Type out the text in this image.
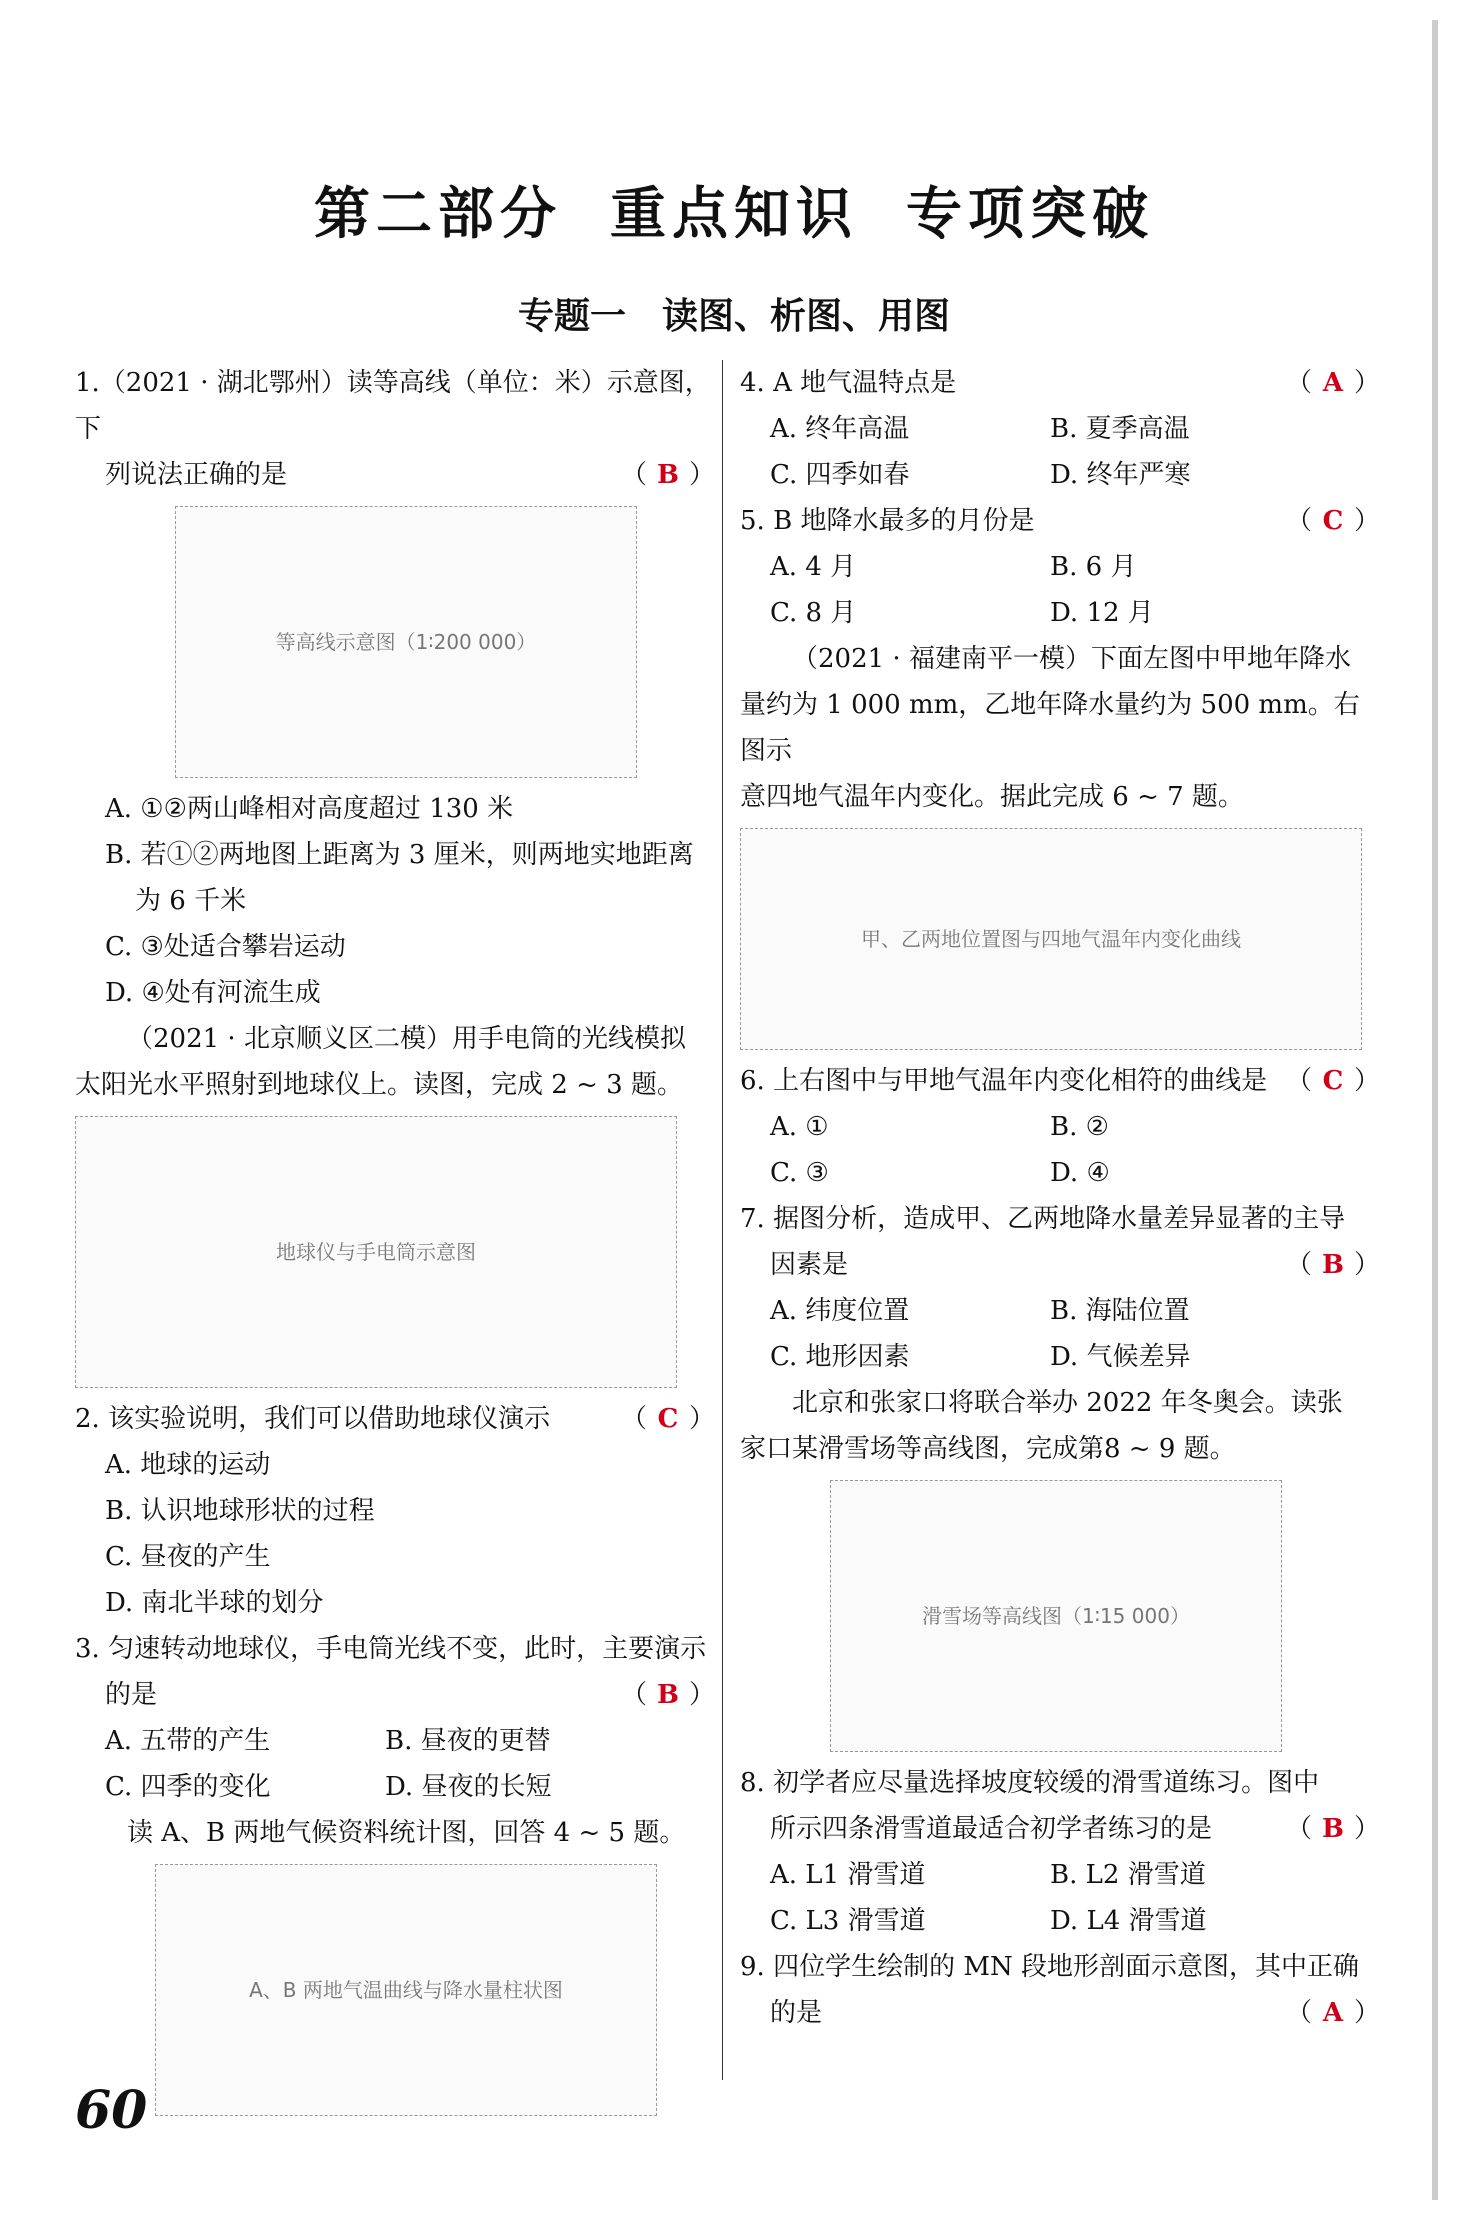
第二部分 重点知识 专项突破
专题一　读图、析图、用图

1.（2021 · 湖北鄂州）读等高线（单位：米）示意图，下

列说法正确的是	（ B ）

等高线示意图（1∶200 000）

A. ①②两山峰相对高度超过 130 米

B. 若①②两地图上距离为 3 厘米，则两地实地距离

为 6 千米

C. ③处适合攀岩运动

D. ④处有河流生成

（2021 · 北京顺义区二模）用手电筒的光线模拟

太阳光水平照射到地球仪上。读图，完成 2 ~ 3 题。

地球仪与手电筒示意图

2. 该实验说明，我们可以借助地球仪演示	（ C ）

A. 地球的运动

B. 认识地球形状的过程

C. 昼夜的产生

D. 南北半球的划分

3. 匀速转动地球仪，手电筒光线不变，此时，主要演示

的是	（ B ）

A. 五带的产生	B. 昼夜的更替
C. 四季的变化	D. 昼夜的长短

读 A、B 两地气候资料统计图，回答 4 ~ 5 题。

A、B 两地气温曲线与降水量柱状图

4. A 地气温特点是	（ A ）

A. 终年高温	B. 夏季高温
C. 四季如春	D. 终年严寒

5. B 地降水最多的月份是	（ C ）

A. 4 月	B. 6 月
C. 8 月	D. 12 月

（2021 · 福建南平一模）下面左图中甲地年降水

量约为 1 000 mm，乙地年降水量约为 500 mm。右图示

意四地气温年内变化。据此完成 6 ~ 7 题。

甲、乙两地位置图与四地气温年内变化曲线

6. 上右图中与甲地气温年内变化相符的曲线是 （ C ）

A. ①	B. ②
C. ③	D. ④

7. 据图分析，造成甲、乙两地降水量差异显著的主导

因素是	（ B ）

A. 纬度位置	B. 海陆位置
C. 地形因素	D. 气候差异

北京和张家口将联合举办 2022 年冬奥会。读张

家口某滑雪场等高线图，完成第8 ~ 9 题。

滑雪场等高线图（1∶15 000）

8. 初学者应尽量选择坡度较缓的滑雪道练习。图中

所示四条滑雪道最适合初学者练习的是	（ B ）

A. L1 滑雪道	B. L2 滑雪道
C. L3 滑雪道	D. L4 滑雪道

9. 四位学生绘制的 MN 段地形剖面示意图，其中正确

的是	（ A ）

60
